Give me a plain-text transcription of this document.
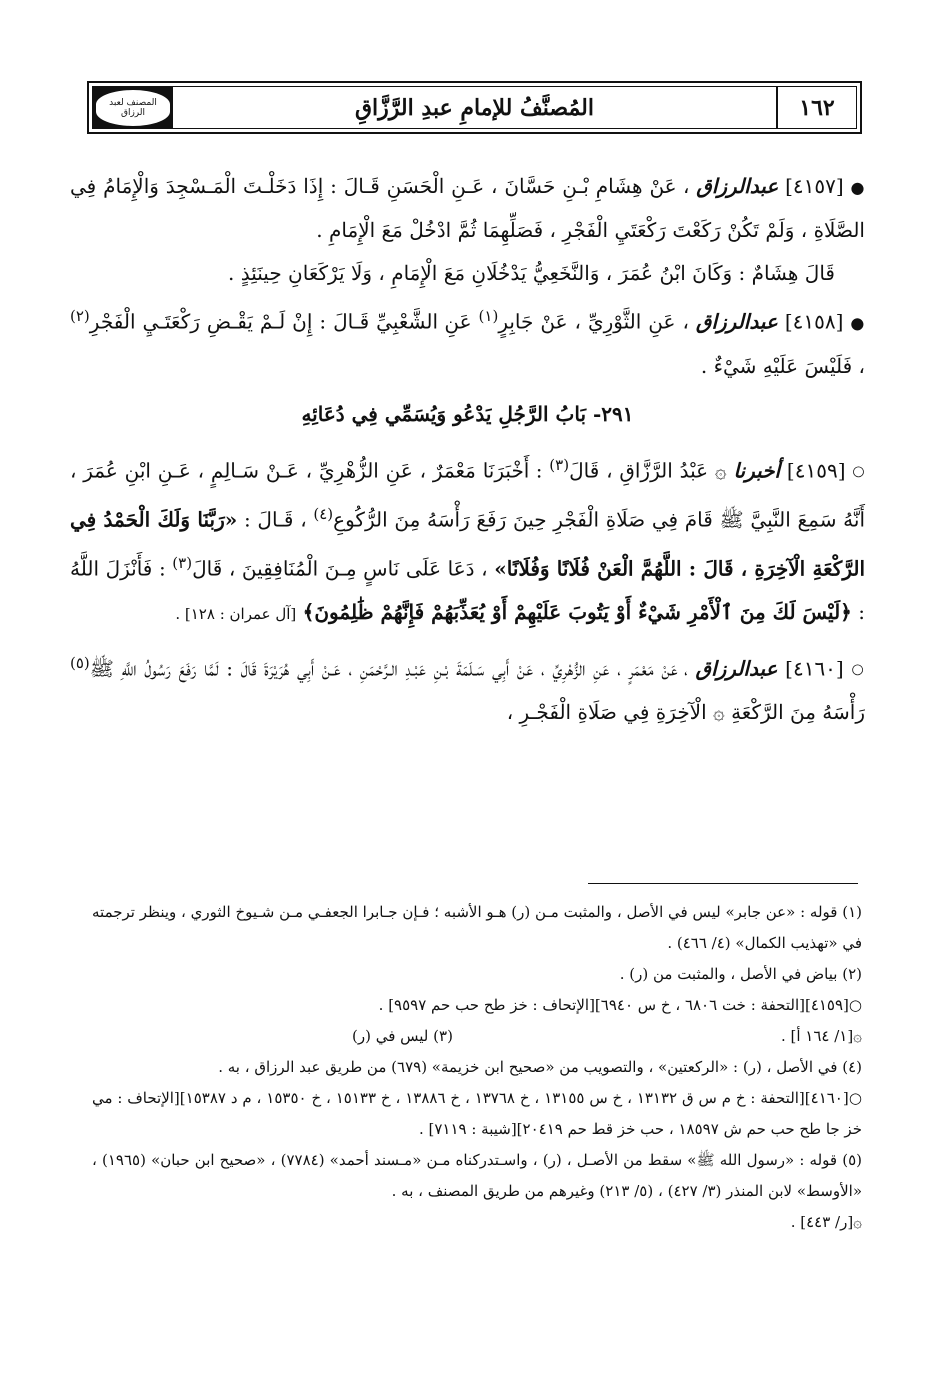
المصنف لعبد الرزاق	المُصنَّفُ للإمامِ عبدِ الرَّزَّاقِ	١٦٢

● [٤١٥٧] عبدالرزاق ، عَنْ هِشَامِ بْـنِ حَسَّانَ ، عَـنِ الْحَسَنِ قَـالَ : إِذَا دَخَلْـتَ الْمَـسْجِدَ وَالْإِمَامُ فِي الصَّلَاةِ ، وَلَمْ تَكُنْ رَكَعْتَ رَكْعَتَيِ الْفَجْرِ ، فَصَلِّهِمَا ثُمَّ ادْخُلْ مَعَ الْإِمَامِ .

قَالَ هِشَامٌ : وَكَانَ ابْنُ عُمَرَ ، وَالنَّخَعِيُّ يَدْخُلَانِ مَعَ الْإِمَامِ ، وَلَا يَرْكَعَانِ حِينَئِذٍ .

● [٤١٥٨] عبدالرزاق ، عَنِ الثَّوْرِيِّ ، عَنْ جَابِرٍ$^{(١)}$ عَنِ الشَّعْبِيِّ قَـالَ : إِنْ لَـمْ يَقْـضِ رَكْعَتَـيِ الْفَجْرِ$^{(٢)}$ ، فَلَيْسَ عَلَيْهِ شَيْءٌ .

٢٩١- بَابُ الرَّجُلِ يَدْعُو وَيُسَمِّي فِي دُعَائِهِ

○ [٤١٥٩] أخبرنا ۞ عَبْدُ الرَّزَّاقِ ، قَالَ$^{(٣)}$ : أَخْبَرَنَا مَعْمَرٌ ، عَنِ الزُّهْرِيِّ ، عَـنْ سَـالِمٍ ، عَـنِ ابْنِ عُمَرَ ، أَنَّهُ سَمِعَ النَّبِيَّ ﷺ قَامَ فِي صَلَاةِ الْفَجْرِ حِينَ رَفَعَ رَأْسَهُ مِنَ الرُّكُوعِ$^{(٤)}$ ، قَـالَ : «رَبَّنَا وَلَكَ الْحَمْدُ فِي الرَّكْعَةِ الْآخِرَةِ ، قَالَ : اللَّهُمَّ الْعَنْ فُلَانًا وَفُلَانًا» ، دَعَا عَلَى نَاسٍ مِـنَ الْمُنَافِقِينَ ، قَالَ$^{(٣)}$ : فَأَنْزَلَ اللَّهُ : ﴿لَيْسَ لَكَ مِنَ ٱلْأَمْرِ شَيْءٌ أَوْ يَتُوبَ عَلَيْهِمْ أَوْ يُعَذِّبَهُمْ فَإِنَّهُمْ ظَٰلِمُونَ﴾ [آل عمران : ١٢٨] .

○ [٤١٦٠] عبدالرزاق ، عَنْ مَعْمَرٍ ، عَنِ الزُّهْرِيِّ ، عَنْ أَبِي سَـلَمَةَ بْـنِ عَبْـدِ الـرَّحْمَنِ ، عَـنْ أَبِي هُرَيْرَةَ قَالَ : لَمَّا رَفَعَ رَسُولُ اللَّهِ ﷺ$^{(٥)}$ رَأْسَهُ مِنَ الرَّكْعَةِ ۞ الْآخِرَةِ فِي صَلَاةِ الْفَجْـرِ ،

(١) قوله : «عن جابر» ليس في الأصل ، والمثبت مـن (ر) هـو الأشبه ؛ فـإن جـابرا الجعفـي مـن شـيوخ الثوري ، وينظر ترجمته في «تهذيب الكمال» (٤/ ٤٦٦) .

(٢) بياض في الأصل ، والمثبت من (ر) .

○[٤١٥٩][التحفة : خت ٦٨٠٦ ، خ س ٦٩٤٠][الإتحاف : خز طح حب حم ٩٥٩٧] .

۞[١/ ١٦٤ أ] .
(٣) ليس في (ر)

(٤) في الأصل ، (ر) : «الركعتين» ، والتصويب من «صحيح ابن خزيمة» (٦٧٩) من طريق عبد الرزاق ، به .

○[٤١٦٠][التحفة : خ م س ق ١٣١٣٢ ، خ س ١٣١٥٥ ، خ ١٣٧٦٨ ، خ ١٣٨٨٦ ، خ ١٥١٣٣ ، خ ١٥٣٥٠ ، م د ١٥٣٨٧][الإتحاف : مي خز جا طح حب حم ش ١٨٥٩٧ ، حب خز قط حم ٢٠٤١٩][شيبة : ٧١١٩] .

(٥) قوله : «رسول الله ﷺ» سقط من الأصـل ، (ر) ، واسـتدركناه مـن «مـسند أحمد» (٧٧٨٤) ، «صحيح ابن حبان» (١٩٦٥) ، «الأوسط» لابن المنذر (٣/ ٤٢٧) ، (٥/ ٢١٣) وغيرهم من طريق المصنف ، به .

۞[ر/ ٤٤٣] .
